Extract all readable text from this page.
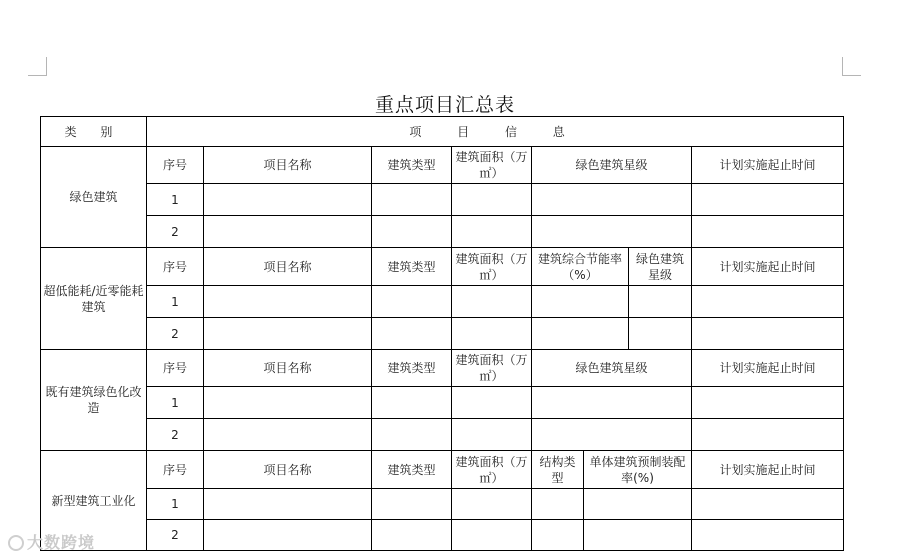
重点项目汇总表
类 别	项 目 信 息							
绿色建筑	序号	项目名称	建筑类型	建筑面积（万㎡）	绿色建筑星级			计划实施起止时间
	1							
	2							
超低能耗/近零能耗建筑	序号	项目名称	建筑类型	建筑面积（万㎡）	建筑综合节能率（%）		绿色建筑星级	计划实施起止时间
	1							
	2							
既有建筑绿色化改造	序号	项目名称	建筑类型	建筑面积（万㎡）	绿色建筑星级			计划实施起止时间
	1							
	2							
新型建筑工业化	序号	项目名称	建筑类型	建筑面积（万㎡）	结构类型	单体建筑预制装配率(%)		计划实施起止时间
	1							
	2							
大数跨境
